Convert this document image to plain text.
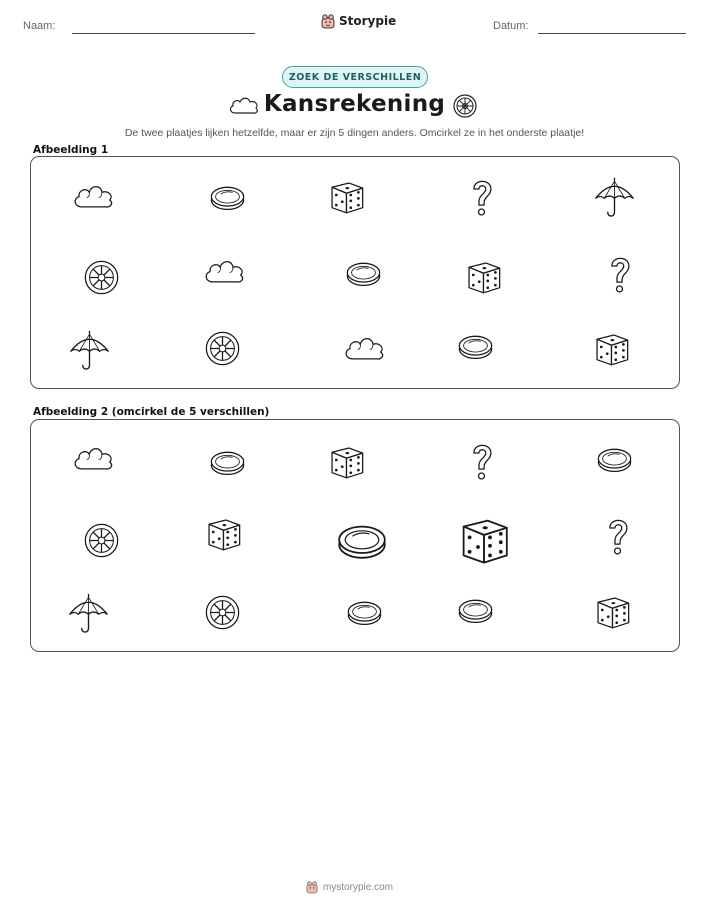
Naam:	Storypie	Datum:
ZOEK DE VERSCHILLEN
Kansrekening
De twee plaatjes lijken hetzelfde, maar er zijn 5 dingen anders. Omcirkel ze in het onderste plaatje!
Afbeelding 1
Afbeelding 2 (omcirkel de 5 verschillen)
mystorypie.com
